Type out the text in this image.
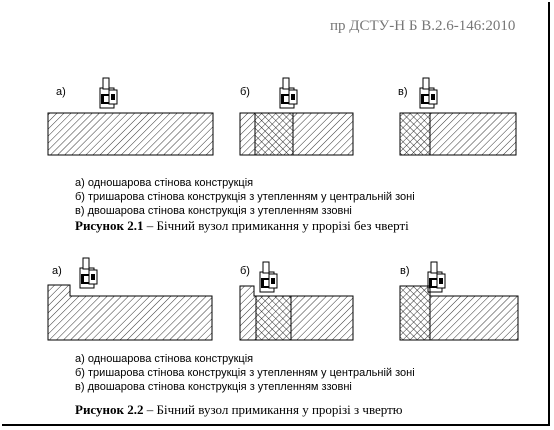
пр ДСТУ-Н Б В.2.6-146:2010
а)	б)	в)
а) одношарова стінова конструкція
б) тришарова стінова конструкція з утепленням у центральній зоні
в) двошарова стінова конструкція з утепленням ззовні
Рисунок 2.1 – Бічний вузол примикання у прорізі без чверті
а)	б)	в)
а) одношарова стінова конструкція
б) тришарова стінова конструкція з утепленням у центральній зоні
в) двошарова стінова конструкція з утепленням ззовні
Рисунок 2.2 – Бічний вузол примикання у прорізі з чвертю
